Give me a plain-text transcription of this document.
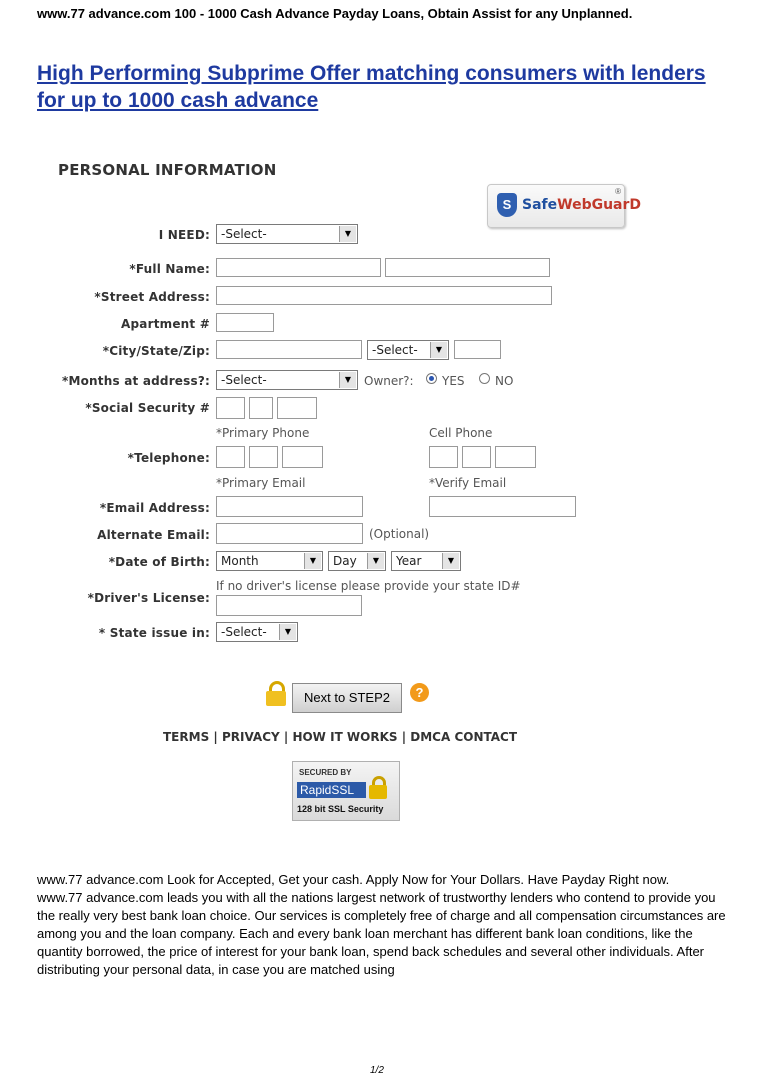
www.77 advance.com 100 - 1000 Cash Advance Payday Loans, Obtain Assist for any Unplanned.
High Performing Subprime Offer matching consumers with lenders for up to 1000 cash advance
PERSONAL INFORMATION
S SafeWebGuarD
®
I NEED: -Select-	▼
*Full Name:
*Street Address:
Apartment #
*City/State/Zip:	-Select-	▼
*Months at address?: -Select-	▼	Owner?: YES	NO
*Social Security #
*Primary Phone	Cell Phone
*Telephone:
*Primary Email	*Verify Email
*Email Address:
Alternate Email:	(Optional)
*Date of Birth: Month	▼	Day	▼	Year	▼
If no driver's license please provide your state ID#
*Driver's License:
* State issue in: -Select-	▼
Next to STEP2	?
TERMS | PRIVACY | HOW IT WORKS | DMCA CONTACT
SECURED BY
RapidSSL
128 bit SSL Security
www.77 advance.com Look for Accepted, Get your cash. Apply Now for Your Dollars. Have Payday Right now.
www.77 advance.com leads you with all the nations largest network of trustworthy lenders who contend to provide you the really very best bank loan choice. Our services is completely free of charge and all compensation circumstances are among you and the loan company. Each and every bank loan merchant has different bank loan conditions, like the quantity borrowed, the price of interest for your bank loan, spend back schedules and several other individuals. After distributing your personal data, in case you are matched using
1/2
